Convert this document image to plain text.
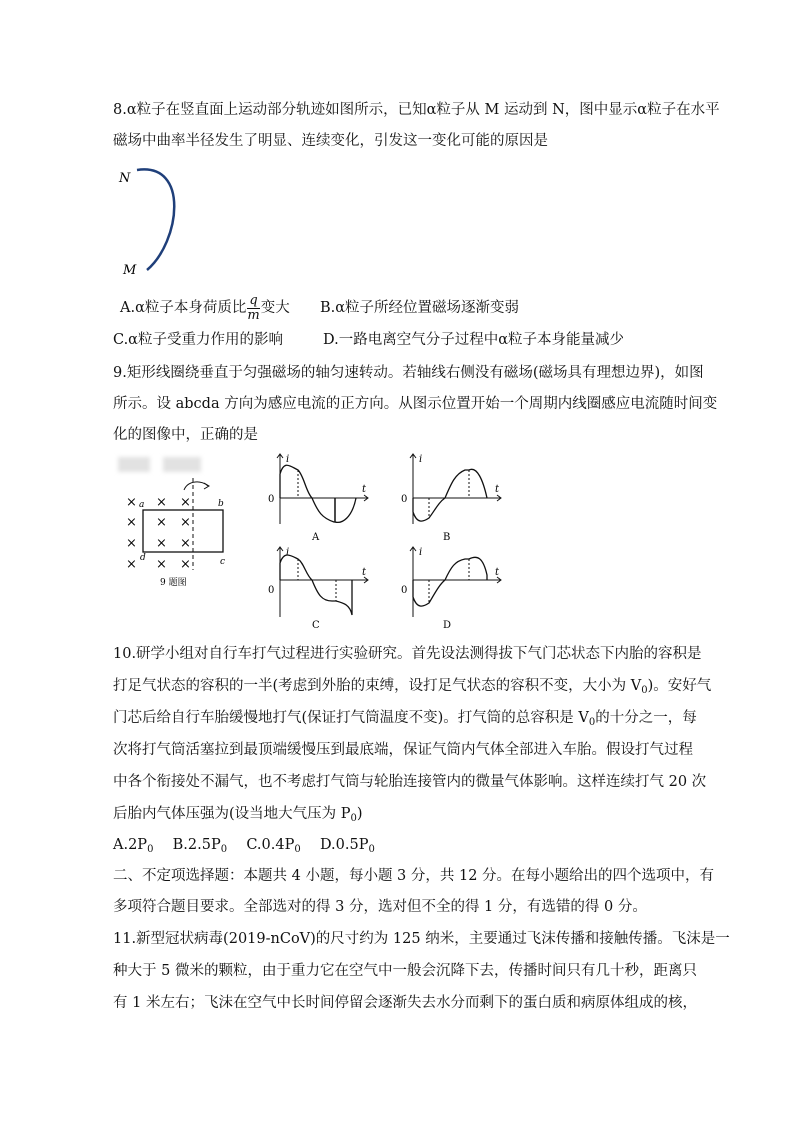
8.α粒子在竖直面上运动部分轨迹如图所示，已知α粒子从 M 运动到 N，图中显示α粒子在水平
磁场中曲率半径发生了明显、连续变化，引发这一变化可能的原因是
N
M
A.α粒子本身荷质比 $\frac{q}{m}$ 变大 B.α粒子所经位置磁场逐渐变弱
C.α粒子受重力作用的影响	D.一路电离空气分子过程中α粒子本身能量减少
9.矩形线圈绕垂直于匀强磁场的轴匀速转动。若轴线右侧没有磁场(磁场具有理想边界)，如图
所示。设 abcda 方向为感应电流的正方向。从图示位置开始一个周期内线圈感应电流随时间变
化的图像中，正确的是
×
×
×
×
×
×
×
×
×
×
×
×
a	b
c
d
9 题图
i
t
0
A
i
t
0
B
i
t
0
C
i
t
0
D
10.研学小组对自行车打气过程进行实验研究。首先设法测得拔下气门芯状态下内胎的容积是
打足气状态的容积的一半(考虑到外胎的束缚，设打足气状态的容积不变，大小为 $V_0$)。安好气
门芯后给自行车胎缓慢地打气(保证打气筒温度不变)。打气筒的总容积是 $V_0$的十分之一，每
次将打气筒活塞拉到最顶端缓慢压到最底端，保证气筒内气体全部进入车胎。假设打气过程
中各个衔接处不漏气，也不考虑打气筒与轮胎连接管内的微量气体影响。这样连续打气 20 次
后胎内气体压强为(设当地大气压为 $P_0$)
$A.2P_0$ $B.2.5P_0$ $C.0.4P_0$ $D.0.5P_0$
二、不定项选择题：本题共 4 小题，每小题 3 分，共 12 分。在每小题给出的四个选项中，有
多项符合题目要求。全部选对的得 3 分，选对但不全的得 1 分，有选错的得 0 分。
11.新型冠状病毒(2019-nCoV)的尺寸约为 125 纳米，主要通过飞沫传播和接触传播。飞沫是一
种大于 5 微米的颗粒，由于重力它在空气中一般会沉降下去，传播时间只有几十秒，距离只
有 1 米左右；飞沫在空气中长时间停留会逐渐失去水分而剩下的蛋白质和病原体组成的核，
